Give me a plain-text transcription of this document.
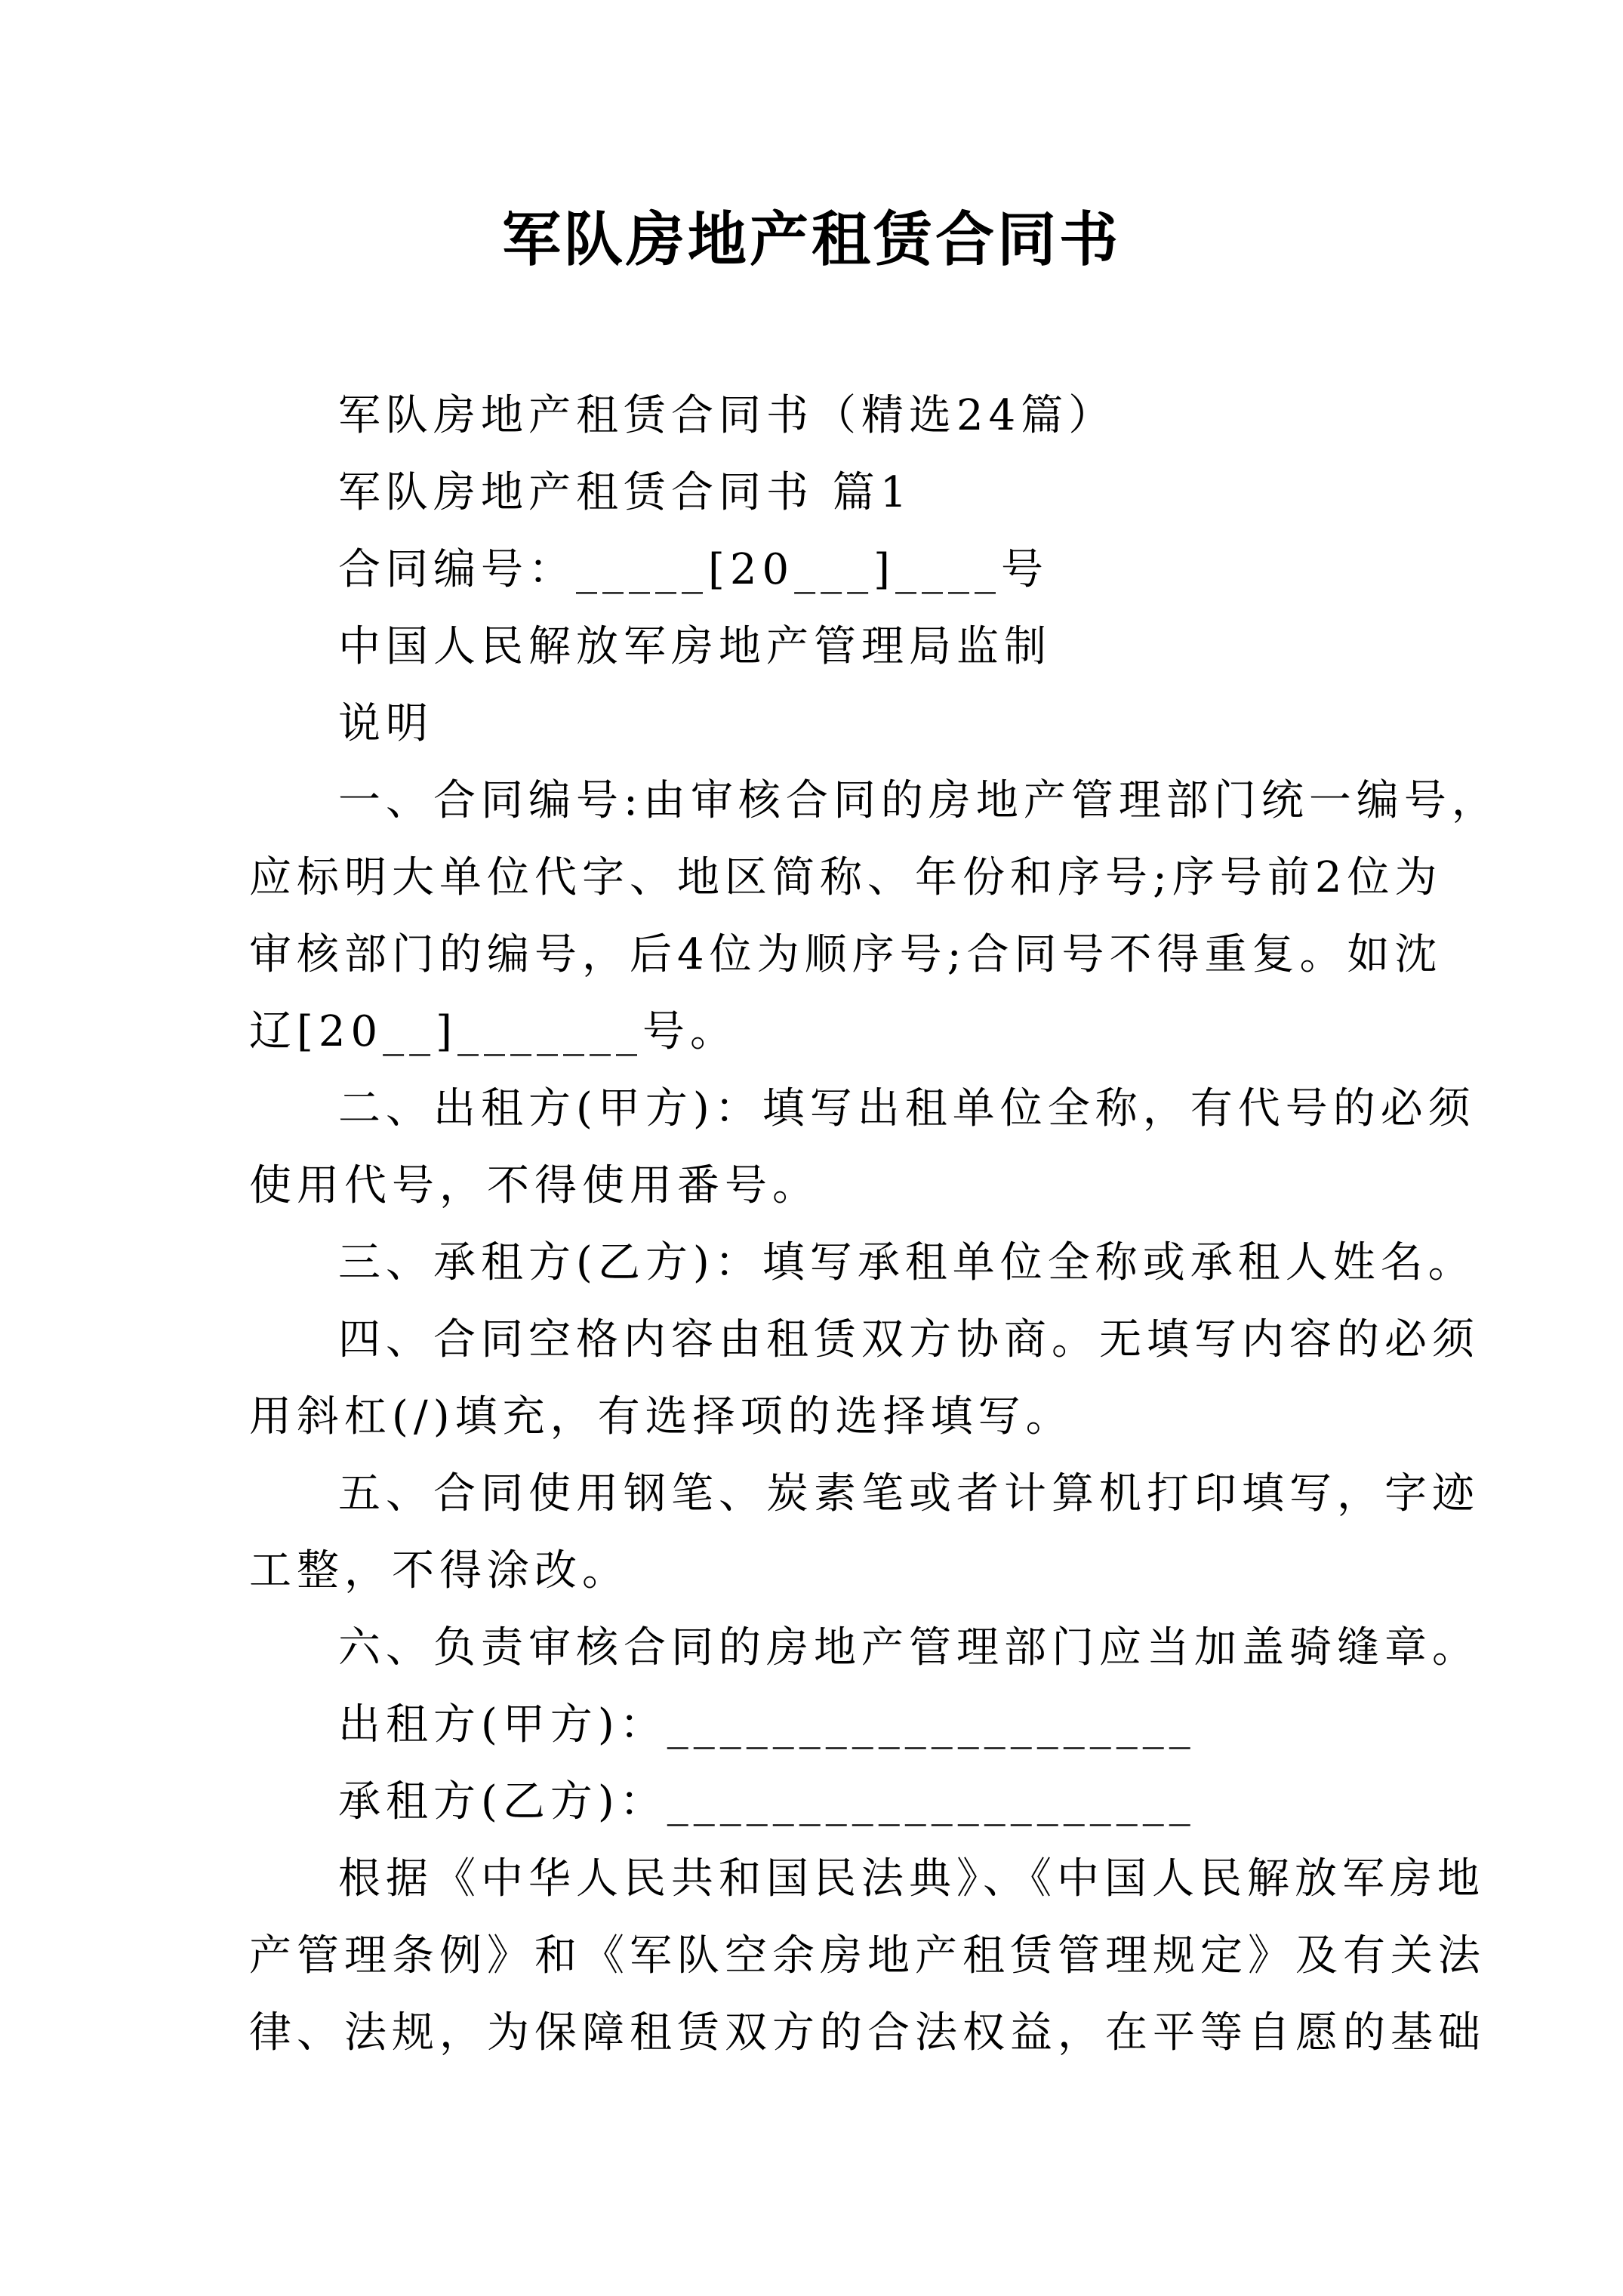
军队房地产租赁合同书
军队房地产租赁合同书（精选24篇）
军队房地产租赁合同书 篇1
合同编号：_____[20___]____号
中国人民解放军房地产管理局监制
说明
一、合同编号:由审核合同的房地产管理部门统一编号，
应标明大单位代字、地区简称、年份和序号;序号前2位为
审核部门的编号，后4位为顺序号;合同号不得重复。如沈
辽[20__]_______号。
二、出租方(甲方)：填写出租单位全称，有代号的必须
使用代号，不得使用番号。
三、承租方(乙方)：填写承租单位全称或承租人姓名。
四、合同空格内容由租赁双方协商。无填写内容的必须
用斜杠(/)填充，有选择项的选择填写。
五、合同使用钢笔、炭素笔或者计算机打印填写，字迹
工整，不得涂改。
六、负责审核合同的房地产管理部门应当加盖骑缝章。
出租方(甲方)：____________________
承租方(乙方)：____________________
根据《中华人民共和国民法典》、《中国人民解放军房地
产管理条例》和《军队空余房地产租赁管理规定》及有关法
律、法规，为保障租赁双方的合法权益，在平等自愿的基础
